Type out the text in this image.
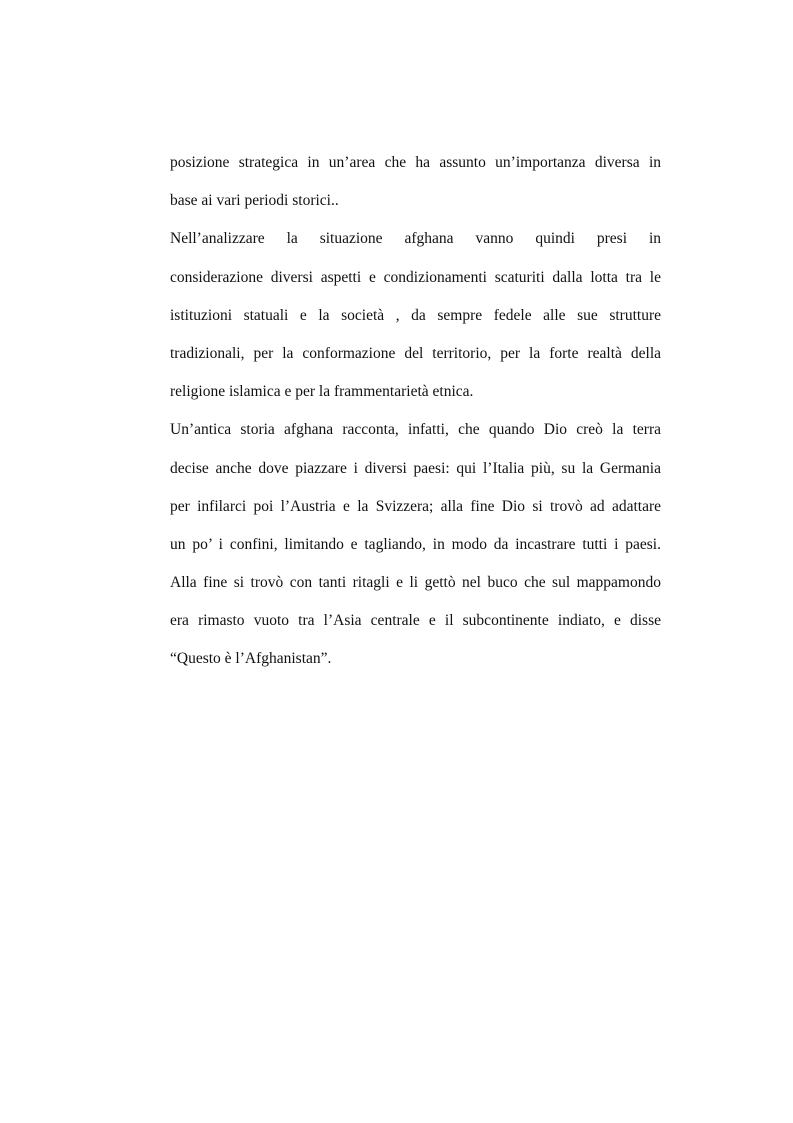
posizione strategica in un’area che ha assunto un’importanza diversa in
base ai vari periodi storici..
Nell’analizzare la situazione afghana vanno quindi presi in
considerazione diversi aspetti e condizionamenti scaturiti dalla lotta tra le
istituzioni statuali e la società , da sempre fedele alle sue strutture
tradizionali, per la conformazione del territorio, per la forte realtà della
religione islamica e per la frammentarietà etnica.
Un’antica storia afghana racconta, infatti, che quando Dio creò la terra
decise anche dove piazzare i diversi paesi: qui l’Italia più, su la Germania
per infilarci poi l’Austria e la Svizzera; alla fine Dio si trovò ad adattare
un po’ i confini, limitando e tagliando, in modo da incastrare tutti i paesi.
Alla fine si trovò con tanti ritagli e li gettò nel buco che sul mappamondo
era rimasto vuoto tra l’Asia centrale e il subcontinente indiato, e disse
“Questo è l’Afghanistan”.
